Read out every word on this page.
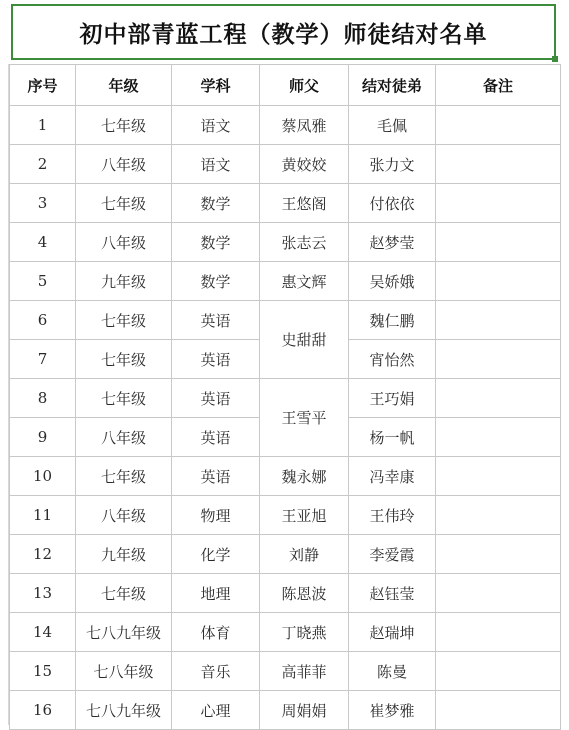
初中部青蓝工程（教学）师徒结对名单
序号	年级	学科	师父	结对徒弟	备注
1	七年级	语文	蔡凤雅	毛佩	
2	八年级	语文	黄姣姣	张力文	
3	七年级	数学	王悠阁	付依依	
4	八年级	数学	张志云	赵梦莹	
5	九年级	数学	惠文辉	吴娇娥	
6	七年级	英语	史甜甜	魏仁鹏	
7	七年级	英语		宵怡然	
8	七年级	英语	王雪平	王巧娟	
9	八年级	英语		杨一帆	
10	七年级	英语	魏永娜	冯幸康	
11	八年级	物理	王亚旭	王伟玲	
12	九年级	化学	刘静	李爱霞	
13	七年级	地理	陈恩波	赵钰莹	
14	七八九年级	体育	丁晓燕	赵瑞坤	
15	七八年级	音乐	高菲菲	陈曼	
16	七八九年级	心理	周娟娟	崔梦雅	
